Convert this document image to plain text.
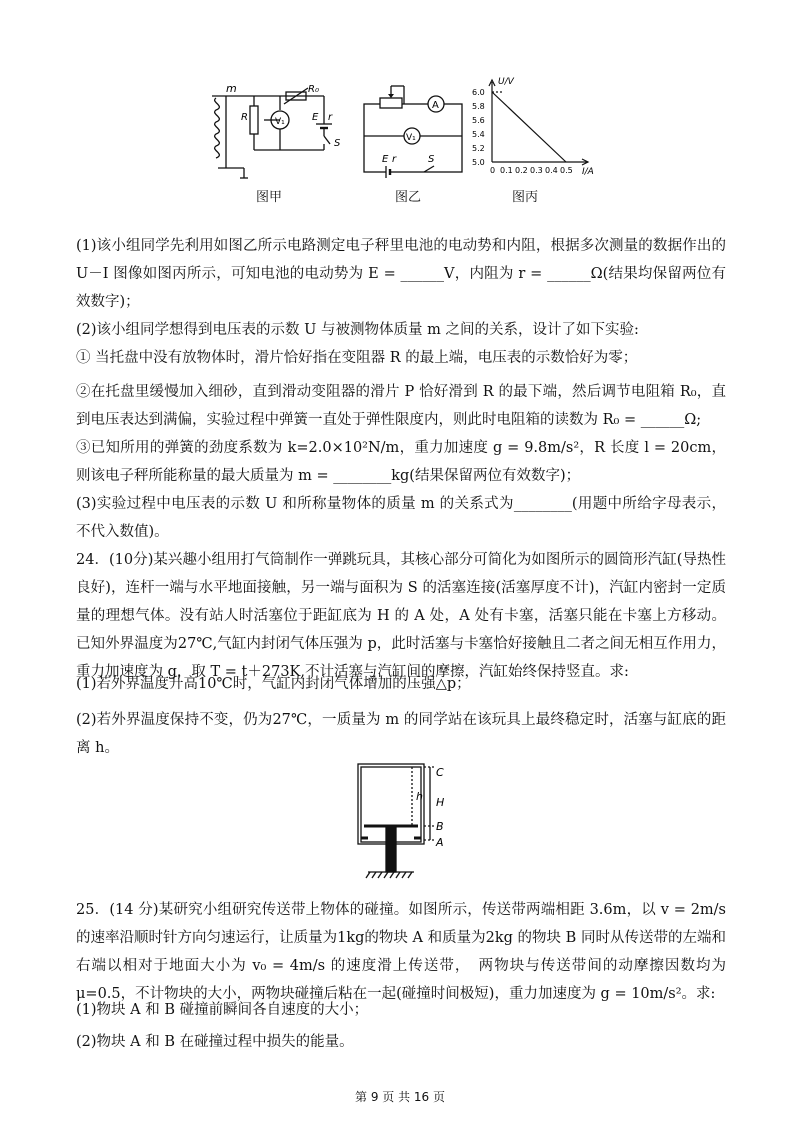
m	R₀
R	V₁	E r
S
图甲
A
V₁
E r	S
图乙
U/V
I/A
6.0
5.8
5.6
5.4
5.2
5.0
0 0.1 0.2 0.3 0.4 0.5
图丙
(1)该小组同学先利用如图乙所示电路测定电子秤里电池的电动势和内阻，根据多次测量的数据作出的 U－I 图像如图丙所示，可知电池的电动势为 E = ______V，内阻为 r = ______Ω(结果均保留两位有效数字)；
(2)该小组同学想得到电压表的示数 U 与被测物体质量 m 之间的关系，设计了如下实验:
① 当托盘中没有放物体时，滑片恰好指在变阻器 R 的最上端，电压表的示数恰好为零；
②在托盘里缓慢加入细砂，直到滑动变阻器的滑片 P 恰好滑到 R 的最下端，然后调节电阻箱 R₀，直到电压表达到满偏，实验过程中弹簧一直处于弹性限度内，则此时电阻箱的读数为 R₀ = ______Ω;
③已知所用的弹簧的劲度系数为 k=2.0×10²N/m，重力加速度 g = 9.8m/s²，R 长度 l = 20cm，则该电子秤所能称量的最大质量为 m = ________kg(结果保留两位有效数字)；
(3)实验过程中电压表的示数 U 和所称量物体的质量 m 的关系式为________(用题中所给字母表示，不代入数值)。
24．(10分)某兴趣小组用打气筒制作一弹跳玩具，其核心部分可简化为如图所示的圆筒形汽缸(导热性良好)，连杆一端与水平地面接触，另一端与面积为 S 的活塞连接(活塞厚度不计)，汽缸内密封一定质量的理想气体。没有站人时活塞位于距缸底为 H 的 A 处，A 处有卡塞，活塞只能在卡塞上方移动。已知外界温度为27℃,气缸内封闭气体压强为 p，此时活塞与卡塞恰好接触且二者之间无相互作用力，重力加速度为 g，取 T = t＋273K,不计活塞与汽缸间的摩擦，汽缸始终保持竖直。求:
(1)若外界温度升高10℃时，气缸内封闭气体增加的压强△p；
(2)若外界温度保持不变，仍为27℃，一质量为 m 的同学站在该玩具上最终稳定时，活塞与缸底的距离 h。
C
H
B
A
h
25．(14 分)某研究小组研究传送带上物体的碰撞。如图所示，传送带两端相距 3.6m，以 v = 2m/s 的速率沿顺时针方向匀速运行，让质量为1kg的物块 A 和质量为2kg 的物块 B 同时从传送带的左端和右端以相对于地面大小为 v₀ = 4m/s 的速度滑上传送带，　两物块与传送带间的动摩擦因数均为 μ=0.5，不计物块的大小，两物块碰撞后粘在一起(碰撞时间极短)，重力加速度为 g = 10m/s²。求:
(1)物块 A 和 B 碰撞前瞬间各自速度的大小；
(2)物块 A 和 B 在碰撞过程中损失的能量。
第 9 页 共 16 页
